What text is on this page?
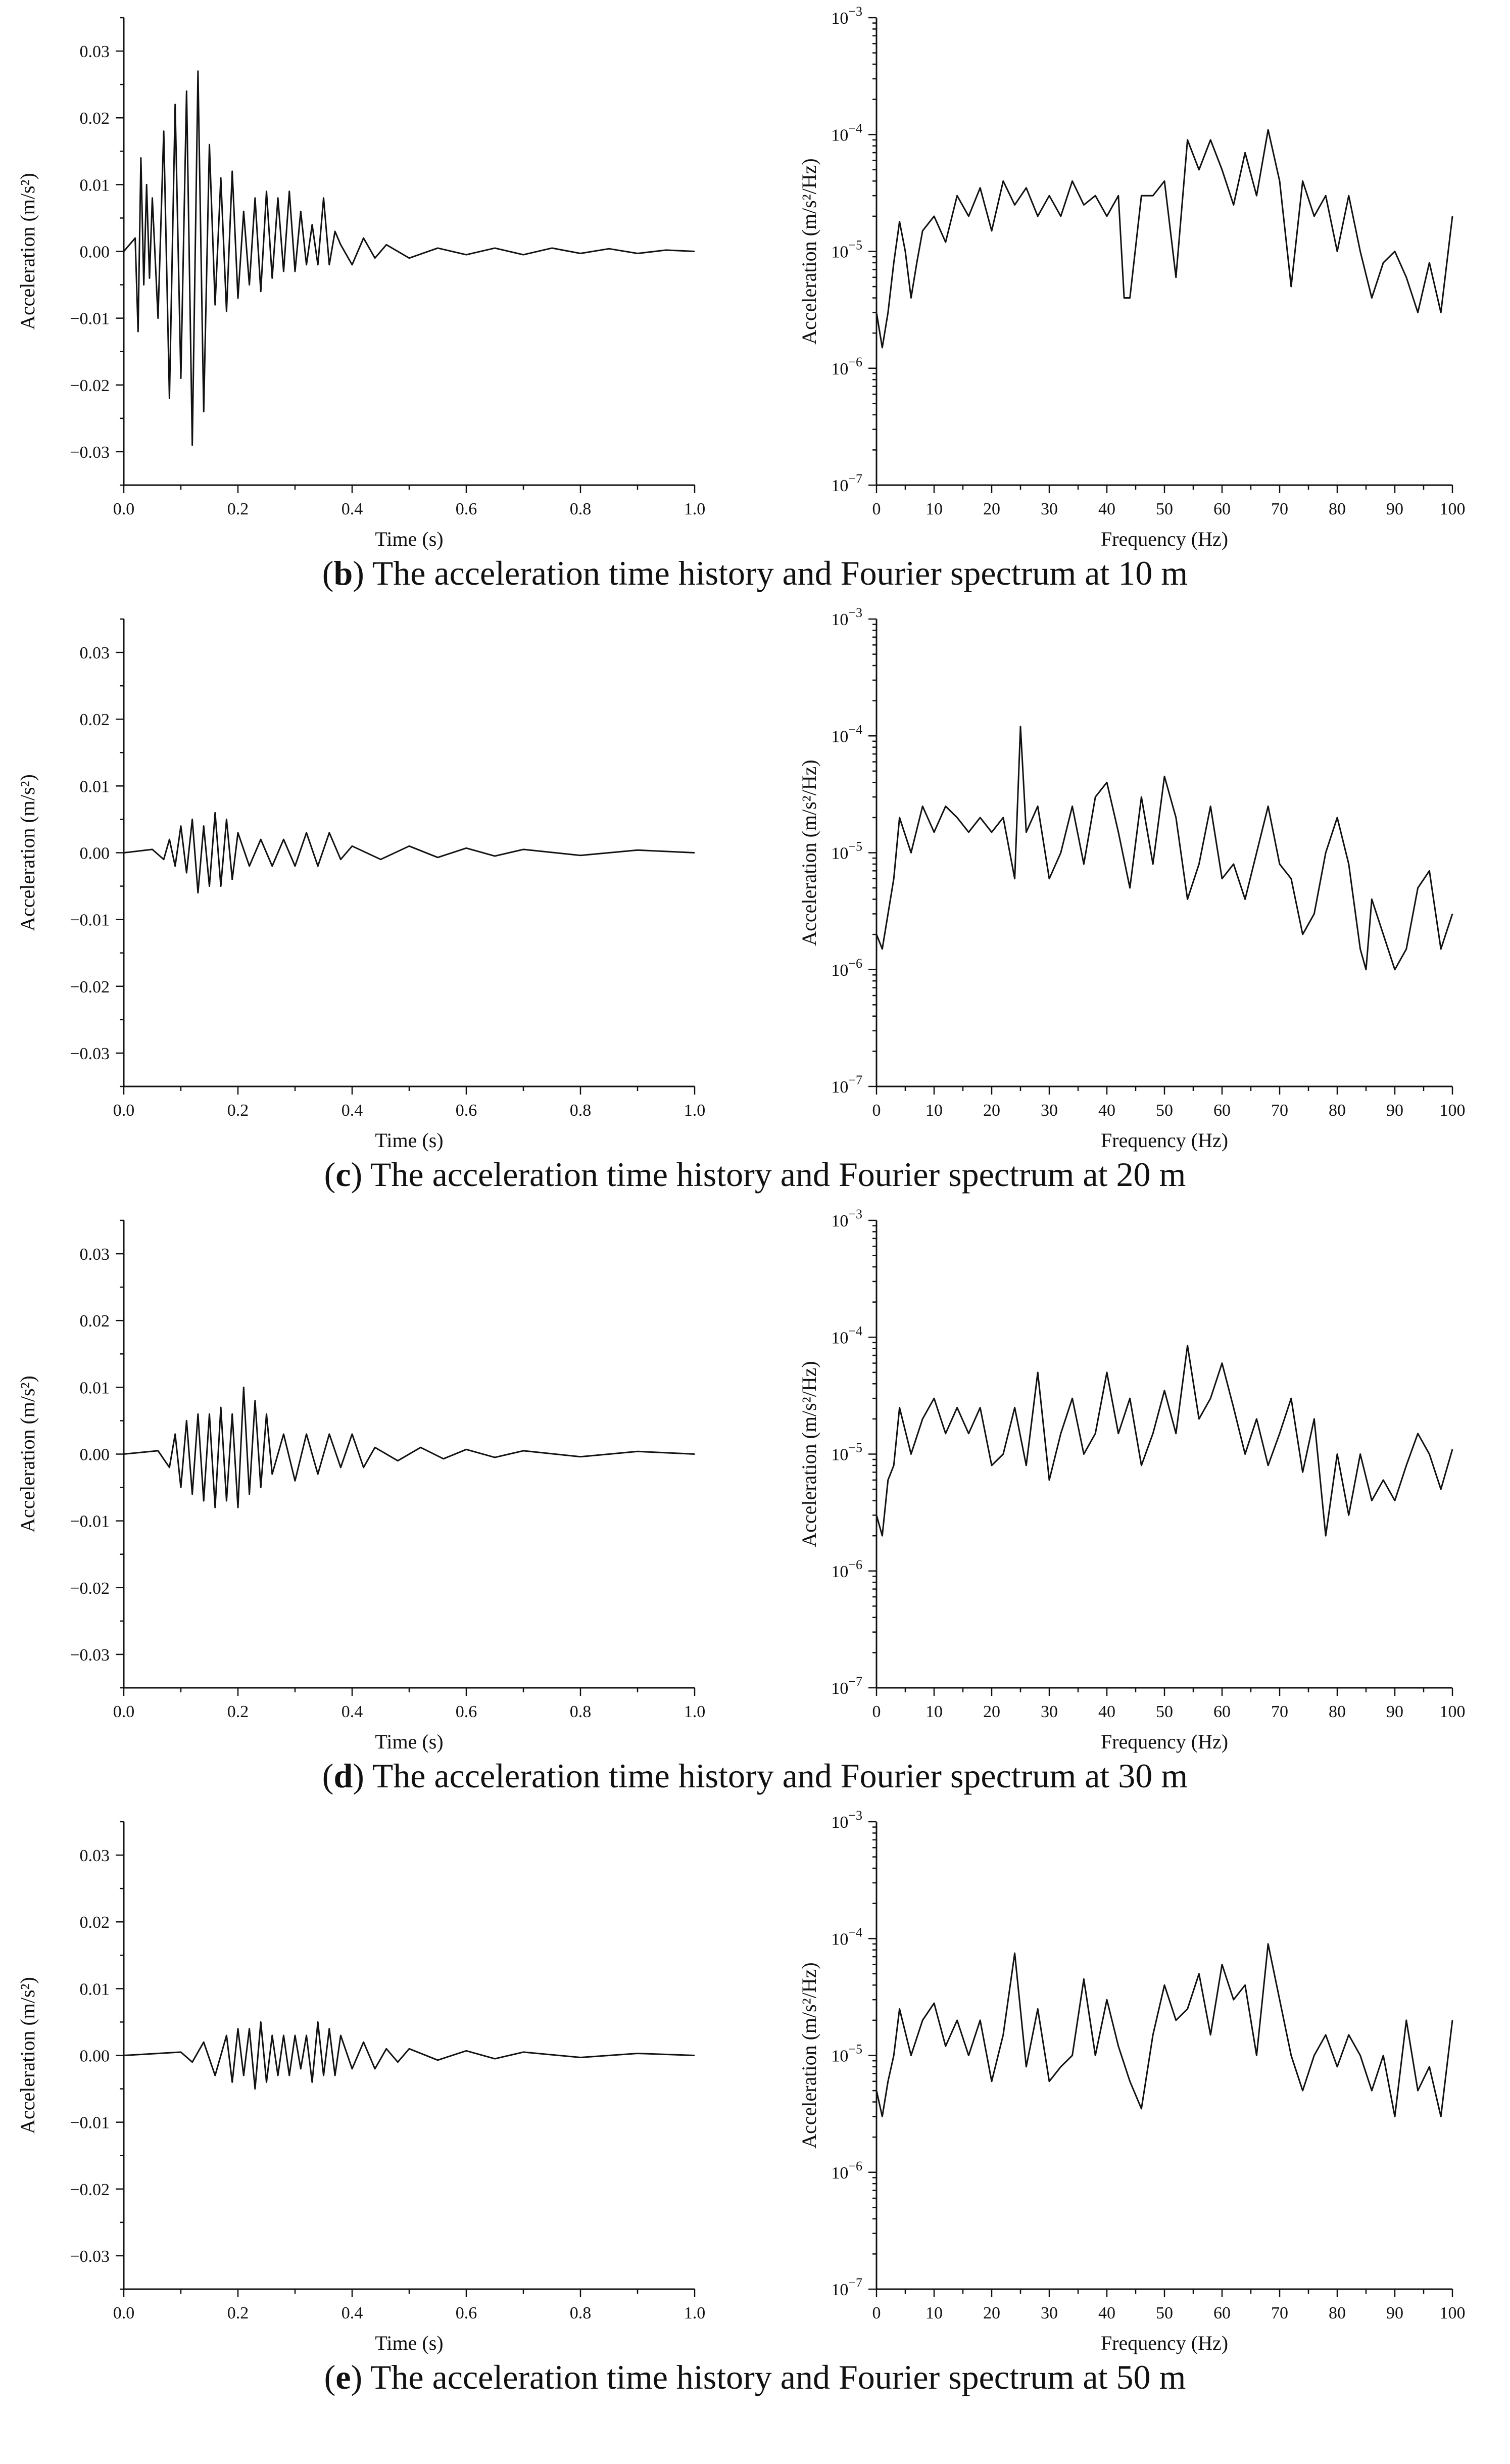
0.0	0.2	0.4	0.6	0.8	1.0
−0.03
−0.02
−0.01
0.00
0.01
0.02
0.03
Time (s)
Acceleration (m/s²)
0	10 20 30 40 50 60 70 80 90 100
$10^{-7}$
$10^{-6}$
$10^{-5}$
$10^{-4}$
$10^{-3}$
Frequency (Hz)
Acceleration (m/s²/Hz)
0.0	0.2	0.4	0.6	0.8	1.0
−0.03
−0.02
−0.01
0.00
0.01
0.02
0.03
Time (s)
Acceleration (m/s²)
0	10 20 30 40 50 60 70 80 90 100
$10^{-7}$
$10^{-6}$
$10^{-5}$
$10^{-4}$
$10^{-3}$
Frequency (Hz)
Acceleration (m/s²/Hz)
0.0	0.2	0.4	0.6	0.8	1.0
−0.03
−0.02
−0.01
0.00
0.01
0.02
0.03
Time (s)
Acceleration (m/s²)
0	10 20 30 40 50 60 70 80 90 100
$10^{-7}$
$10^{-6}$
$10^{-5}$
$10^{-4}$
$10^{-3}$
Frequency (Hz)
Acceleration (m/s²/Hz)
0.0	0.2	0.4	0.6	0.8	1.0
−0.03
−0.02
−0.01
0.00
0.01
0.02
0.03
Time (s)
Acceleration (m/s²)
0	10 20 30 40 50 60 70 80 90 100
$10^{-7}$
$10^{-6}$
$10^{-5}$
$10^{-4}$
$10^{-3}$
Frequency (Hz)
Acceleration (m/s²/Hz)
(b) The acceleration time history and Fourier spectrum at 10 m
(c) The acceleration time history and Fourier spectrum at 20 m
(d) The acceleration time history and Fourier spectrum at 30 m
(e) The acceleration time history and Fourier spectrum at 50 m
